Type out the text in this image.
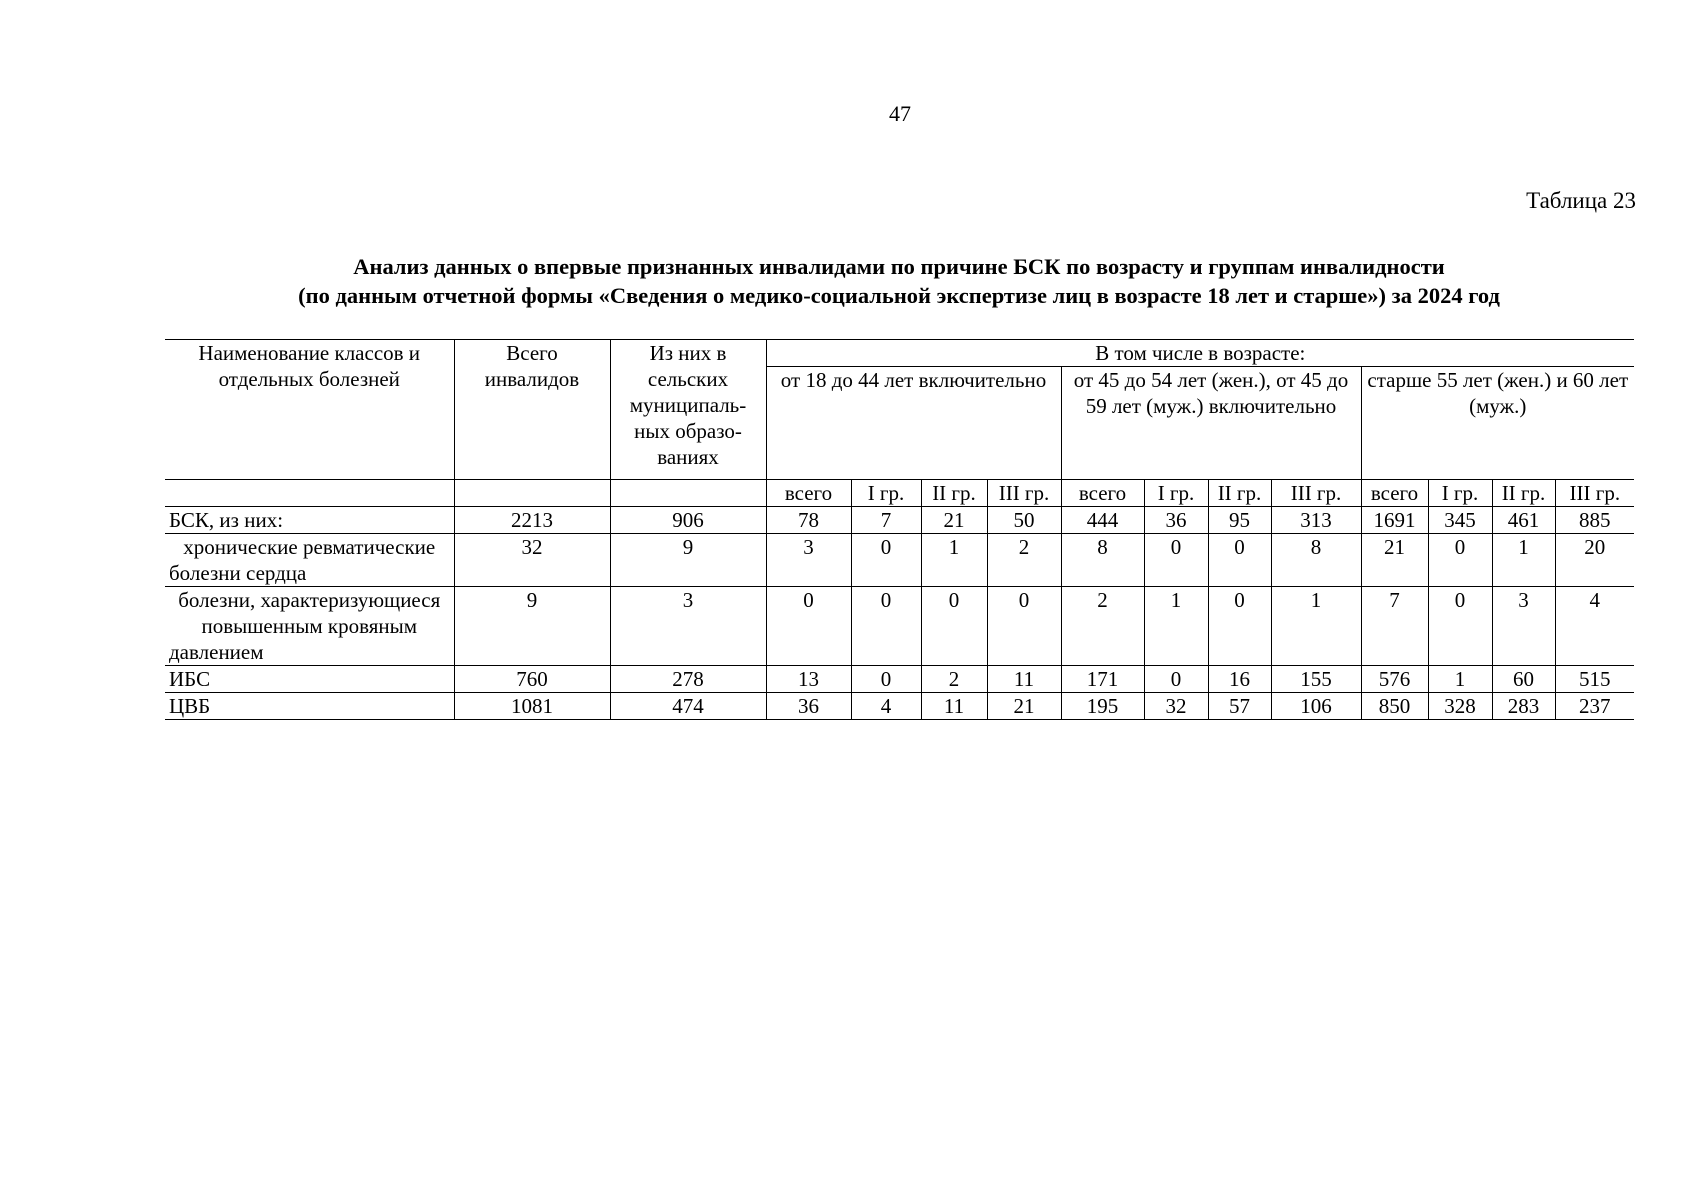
47
Таблица 23
Анализ данных о впервые признанных инвалидами по причине БСК по возрасту и группам инвалидности
(по данным отчетной формы «Сведения о медико-социальной экспертизе лиц в возрасте 18 лет и старше») за 2024 год
Наименование классов и отдельных болезней	Всего инвалидов	Из них в сельских муниципаль-ных образо-ваниях	В том числе в возрасте:											
			от 18 до 44 лет включительно				от 45 до 54 лет (жен.), от 45 до 59 лет (муж.) включительно				старше 55 лет (жен.) и 60 лет (муж.)			
			всего	I гр.	II гр.	III гр.	всего	I гр.	II гр.	III гр.	всего	I гр.	II гр.	III гр.
БСК, из них:	2213	906	78	7	21	50	444	36	95	313	1691	345	461	885
хронические ревматические болезни сердца	32	9	3	0	1	2	8	0	0	8	21	0	1	20
болезни, характеризующиеся повышенным кровяным давлением	9	3	0	0	0	0	2	1	0	1	7	0	3	4
ИБС	760	278	13	0	2	11	171	0	16	155	576	1	60	515
ЦВБ	1081	474	36	4	11	21	195	32	57	106	850	328	283	237
